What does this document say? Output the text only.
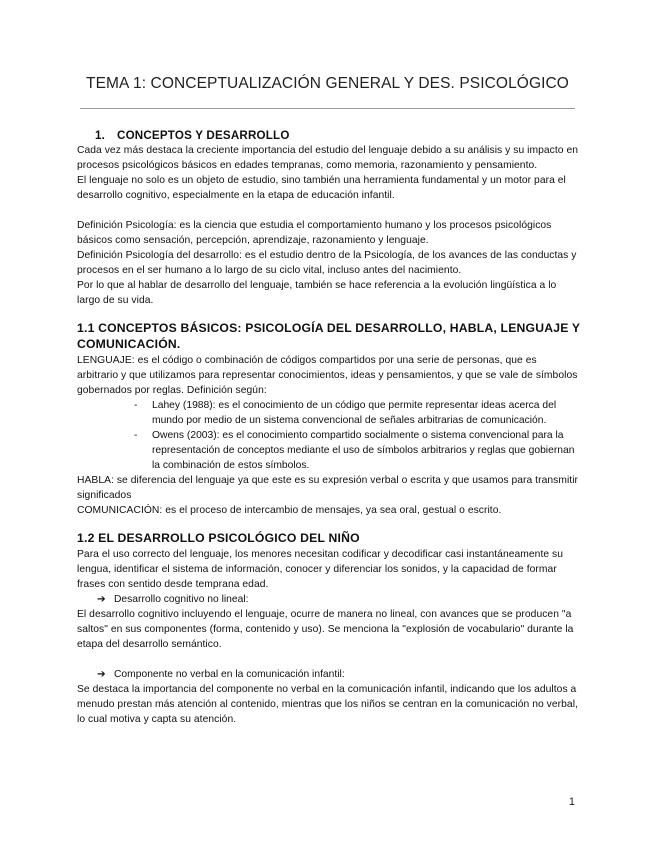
TEMA 1: CONCEPTUALIZACIÓN GENERAL Y DES. PSICOLÓGICO
1. CONCEPTOS Y DESARROLLO

Cada vez más destaca la creciente importancia del estudio del lenguaje debido a su análisis y su impacto en procesos psicológicos básicos en edades tempranas, como memoria, razonamiento y pensamiento.

El lenguaje no solo es un objeto de estudio, sino también una herramienta fundamental y un motor para el desarrollo cognitivo, especialmente en la etapa de educación infantil.

Definición Psicología: es la ciencia que estudia el comportamiento humano y los procesos psicológicos básicos como sensación, percepción, aprendizaje, razonamiento y lenguaje.

Definición Psicología del desarrollo: es el estudio dentro de la Psicología, de los avances de las conductas y procesos en el ser humano a lo largo de su ciclo vital, incluso antes del nacimiento.

Por lo que al hablar de desarrollo del lenguaje, también se hace referencia a la evolución lingüística a lo largo de su vida.

1.1 CONCEPTOS BÁSICOS: PSICOLOGÍA DEL DESARROLLO, HABLA, LENGUAJE Y COMUNICACIÓN.

LENGUAJE: es el código o combinación de códigos compartidos por una serie de personas, que es arbitrario y que utilizamos para representar conocimientos, ideas y pensamientos, y que se vale de símbolos gobernados por reglas. Definición según:

- Lahey (1988): es el conocimiento de un código que permite representar ideas acerca del mundo por medio de un sistema convencional de señales arbitrarias de comunicación.
- Owens (2003): es el conocimiento compartido socialmente o sistema convencional para la representación de conceptos mediante el uso de símbolos arbitrarios y reglas que gobiernan la combinación de estos símbolos.

HABLA: se diferencia del lenguaje ya que este es su expresión verbal o escrita y que usamos para transmitir significados

COMUNICACIÓN: es el proceso de intercambio de mensajes, ya sea oral, gestual o escrito.

1.2 EL DESARROLLO PSICOLÓGICO DEL NIÑO

Para el uso correcto del lenguaje, los menores necesitan codificar y decodificar casi instantáneamente su lengua, identificar el sistema de información, conocer y diferenciar los sonidos, y la capacidad de formar frases con sentido desde temprana edad.

➔ Desarrollo cognitivo no lineal:

El desarrollo cognitivo incluyendo el lenguaje, ocurre de manera no lineal, con avances que se producen "a saltos" en sus componentes (forma, contenido y uso). Se menciona la "explosión de vocabulario" durante la etapa del desarrollo semántico.

➔ Componente no verbal en la comunicación infantil:

Se destaca la importancia del componente no verbal en la comunicación infantil, indicando que los adultos a menudo prestan más atención al contenido, mientras que los niños se centran en la comunicación no verbal, lo cual motiva y capta su atención.

1
